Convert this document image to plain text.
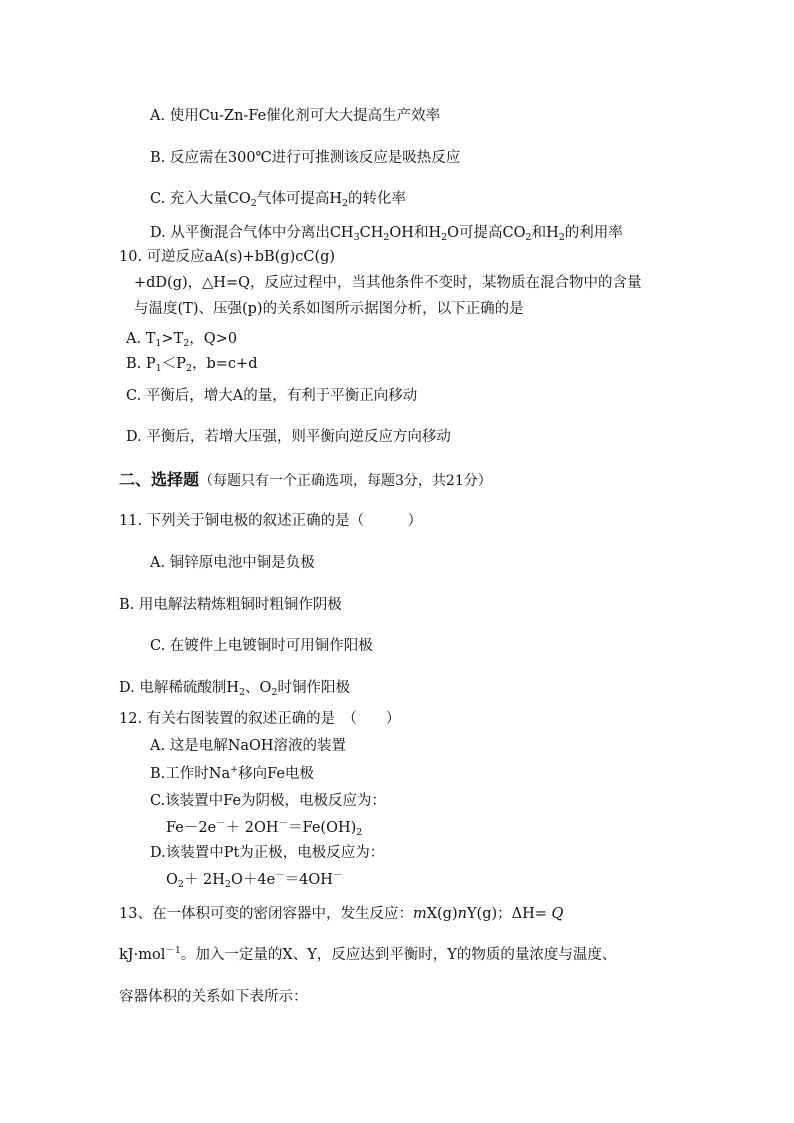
A. 使用Cu-Zn-Fe催化剂可大大提高生产效率
B. 反应需在300℃进行可推测该反应是吸热反应
C. 充入大量$CO_2$气体可提高$H_2$的转化率
D. 从平衡混合气体中分离出$CH_3CH_2OH$和$H_2O$可提高$CO_2$和$H_2$的利用率
10. 可逆反应aA(s)+bB(g)cC(g)
+dD(g)，△H=Q，反应过程中，当其他条件不变时，某物质在混合物中的含量
与温度(T)、压强(p)的关系如图所示据图分析，以下正确的是
A. $T_1>T_2$，Q>0
B. $P_1<P_2$，b=c+d
C. 平衡后，增大A的量，有利于平衡正向移动
D. 平衡后，若增大压强，则平衡向逆反应方向移动
二、选择题（每题只有一个正确选项，每题3分，共21分）
11. 下列关于铜电极的叙述正确的是（　　　）
A. 铜锌原电池中铜是负极
B. 用电解法精炼粗铜时粗铜作阴极
C. 在镀件上电镀铜时可用铜作阳极
D. 电解稀硫酸制$H_2$、$O_2$时铜作阳极
12. 有关右图装置的叙述正确的是　（　　）
A. 这是电解NaOH溶液的装置
B.工作时Na+移向Fe电极
C.该装置中Fe为阴极，电极反应为：
$Fe-2e^-+ 2OH^-=Fe(OH)_2$
D.该装置中Pt为正极，电极反应为：
$O_2+ 2H_2O+4e^-=4OH^-$
13、在一体积可变的密闭容器中，发生反应：mX(g)nY(g)；ΔH= Q
kJ·mol$^{-1}$。加入一定量的X、Y，反应达到平衡时，Y的物质的量浓度与温度、
容器体积的关系如下表所示：
